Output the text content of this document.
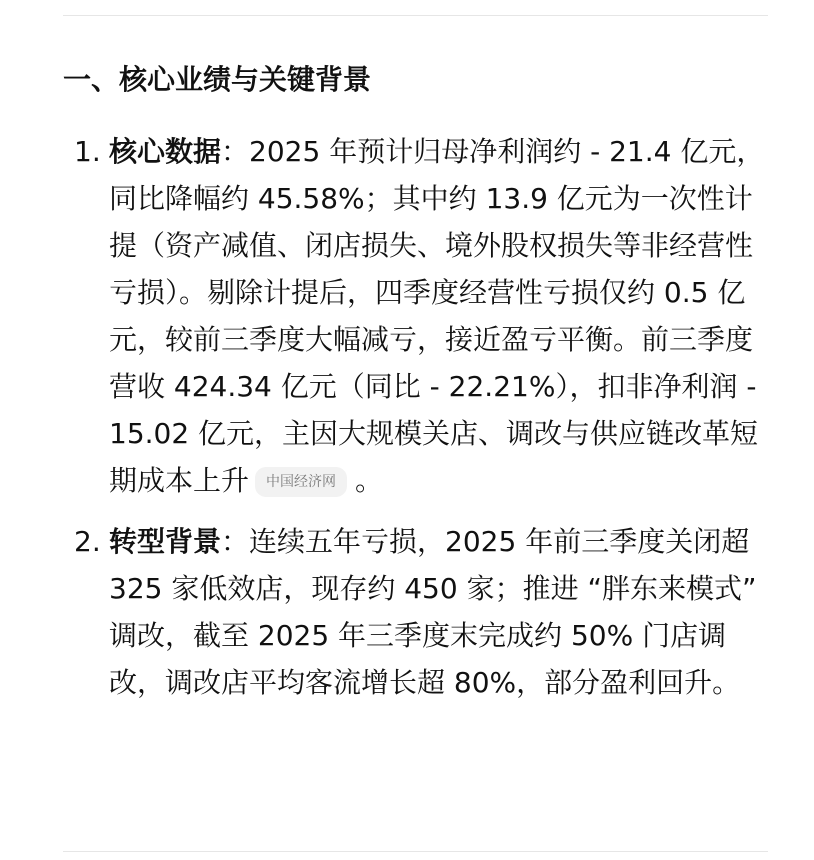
一、核心业绩与关键背景
1. 核心数据：2025 年预计归母净利润约 - 21.4 亿元，同比降幅约 45.58%；其中约 13.9 亿元为一次性计提（资产减值、闭店损失、境外股权损失等非经营性亏损）。剔除计提后，四季度经营性亏损仅约 0.5 亿元，较前三季度大幅减亏，接近盈亏平衡。前三季度营收 424.34 亿元（同比 - 22.21%），扣非净利润 - 15.02 亿元，主因大规模关店、调改与供应链改革短期成本上升 中国经济网 。
2. 转型背景：连续五年亏损，2025 年前三季度关闭超 325 家低效店，现存约 450 家；推进 “胖东来模式” 调改，截至 2025 年三季度末完成约 50% 门店调改，调改店平均客流增长超 80%，部分盈利回升。
